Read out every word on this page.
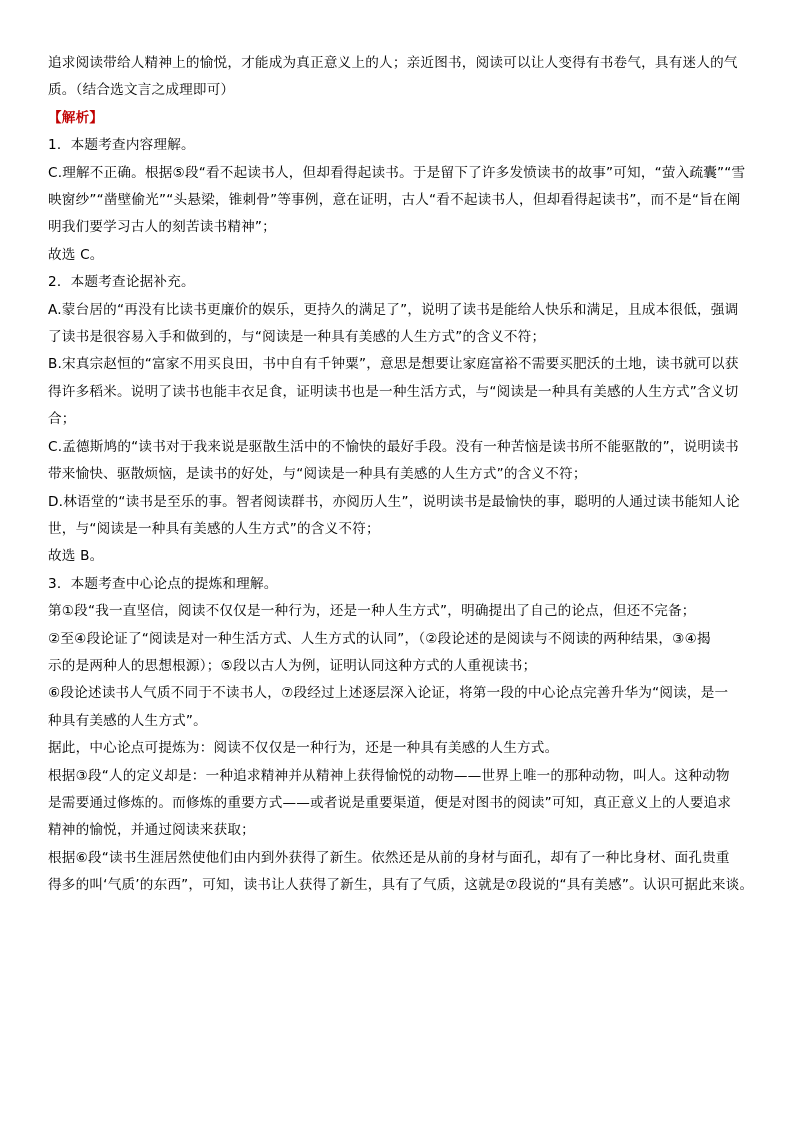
追求阅读带给人精神上的愉悦，才能成为真正意义上的人；亲近图书，阅读可以让人变得有书卷气，具有迷人的气
质。（结合选文言之成理即可）
【解析】
1．本题考查内容理解。
C.理解不正确。根据⑤段“看不起读书人，但却看得起读书。于是留下了许多发愤读书的故事”可知，“萤入疏囊”“雪
映窗纱”“凿壁偷光”“头悬梁，锥刺骨”等事例，意在证明，古人“看不起读书人，但却看得起读书”，而不是“旨在阐
明我们要学习古人的刻苦读书精神”；
故选 C。
2．本题考查论据补充。
A.蒙台居的“再没有比读书更廉价的娱乐，更持久的满足了”，说明了读书是能给人快乐和满足，且成本很低，强调
了读书是很容易入手和做到的，与“阅读是一种具有美感的人生方式”的含义不符；
B.宋真宗赵恒的“富家不用买良田，书中自有千钟粟”，意思是想要让家庭富裕不需要买肥沃的土地，读书就可以获
得许多稻米。说明了读书也能丰衣足食，证明读书也是一种生活方式，与“阅读是一种具有美感的人生方式”含义切
合；
C.孟德斯鸠的“读书对于我来说是驱散生活中的不愉快的最好手段。没有一种苦恼是读书所不能驱散的”，说明读书
带来愉快、驱散烦恼，是读书的好处，与“阅读是一种具有美感的人生方式”的含义不符；
D.林语堂的“读书是至乐的事。智者阅读群书，亦阅历人生”，说明读书是最愉快的事，聪明的人通过读书能知人论
世，与“阅读是一种具有美感的人生方式”的含义不符；
故选 B。
3．本题考查中心论点的提炼和理解。
第①段“我一直坚信，阅读不仅仅是一种行为，还是一种人生方式”，明确提出了自己的论点，但还不完备；
②至④段论证了“阅读是对一种生活方式、人生方式的认同”，（②段论述的是阅读与不阅读的两种结果，③④揭
示的是两种人的思想根源）；⑤段以古人为例，证明认同这种方式的人重视读书；
⑥段论述读书人气质不同于不读书人，⑦段经过上述逐层深入论证，将第一段的中心论点完善升华为“阅读，是一
种具有美感的人生方式”。
据此，中心论点可提炼为：阅读不仅仅是一种行为，还是一种具有美感的人生方式。
根据③段“人的定义却是：一种追求精神并从精神上获得愉悦的动物——世界上唯一的那种动物，叫人。这种动物
是需要通过修炼的。而修炼的重要方式——或者说是重要渠道，便是对图书的阅读”可知，真正意义上的人要追求
精神的愉悦，并通过阅读来获取；
根据⑥段“读书生涯居然使他们由内到外获得了新生。依然还是从前的身材与面孔，却有了一种比身材、面孔贵重
得多的叫‘气质’的东西”，可知，读书让人获得了新生，具有了气质，这就是⑦段说的“具有美感”。认识可据此来谈。
